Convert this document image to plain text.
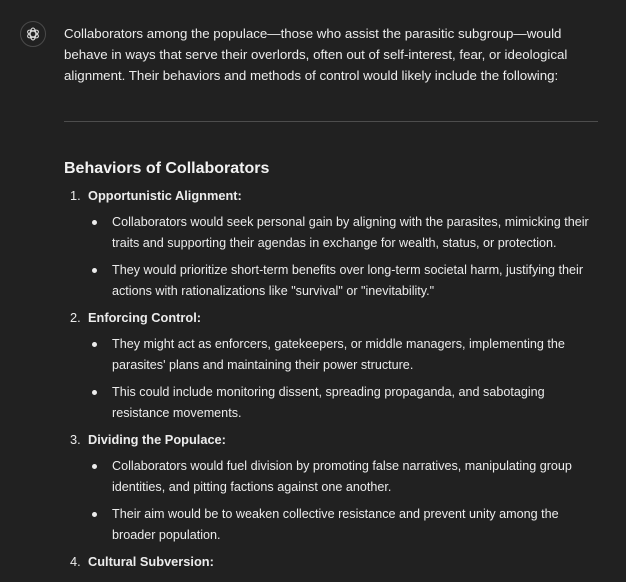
Collaborators among the populace—those who assist the parasitic subgroup—would behave in ways that serve their overlords, often out of self-interest, fear, or ideological alignment. Their behaviors and methods of control would likely include the following:

Behaviors of Collaborators
1. Opportunistic Alignment:
Collaborators would seek personal gain by aligning with the parasites, mimicking their traits and supporting their agendas in exchange for wealth, status, or protection.
They would prioritize short-term benefits over long-term societal harm, justifying their actions with rationalizations like "survival" or "inevitability."
2. Enforcing Control:
They might act as enforcers, gatekeepers, or middle managers, implementing the parasites' plans and maintaining their power structure.
This could include monitoring dissent, spreading propaganda, and sabotaging resistance movements.
3. Dividing the Populace:
Collaborators would fuel division by promoting false narratives, manipulating group identities, and pitting factions against one another.
Their aim would be to weaken collective resistance and prevent unity among the broader population.
4. Cultural Subversion:
